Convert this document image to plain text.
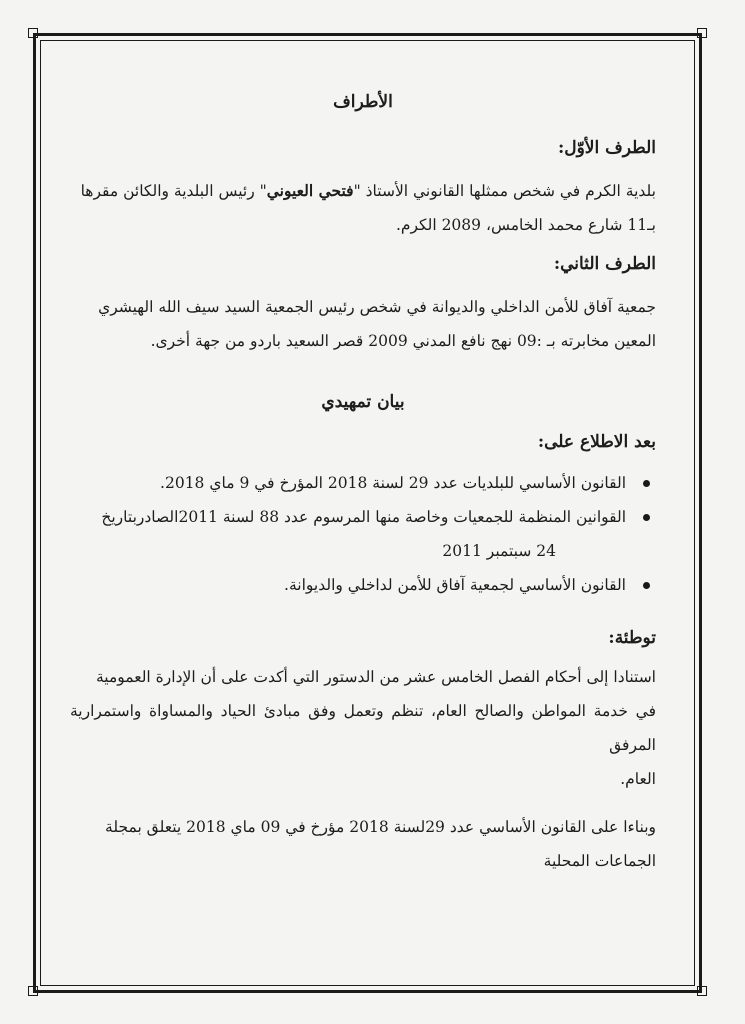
الأطراف

الطرف الأوّل:

بلدية الكرم في شخص ممثلها القانوني الأستاذ "فتحي العيوني" رئيس البلدية والكائن مقرها

بـ11 شارع محمد الخامس، 2089 الكرم.

الطرف الثاني:

جمعية آفاق للأمن الداخلي والديوانة في شخص رئيس الجمعية السيد سيف الله الهيشري

المعين مخابرته بـ :09 نهج نافع المدني 2009 قصر السعيد باردو من جهة أخرى.

بيان تمهيدي

بعد الاطلاع على:

القانون الأساسي للبلديات عدد 29 لسنة 2018 المؤرخ في 9 ماي 2018.
القوانين المنظمة للجمعيات وخاصة منها المرسوم عدد 88 لسنة 2011الصادربتاريخ
24 سبتمبر 2011
القانون الأساسي لجمعية آفاق للأمن لداخلي والديوانة.

توطئة:

استنادا إلى أحكام الفصل الخامس عشر من الدستور التي أكدت على أن الإدارة العمومية

في خدمة المواطن والصالح العام، تنظم وتعمل وفق مبادئ الحياد والمساواة واستمرارية المرفق

العام.

وبناءا على القانون الأساسي عدد 29لسنة 2018 مؤرخ في 09 ماي 2018 يتعلق بمجلة

الجماعات المحلية
